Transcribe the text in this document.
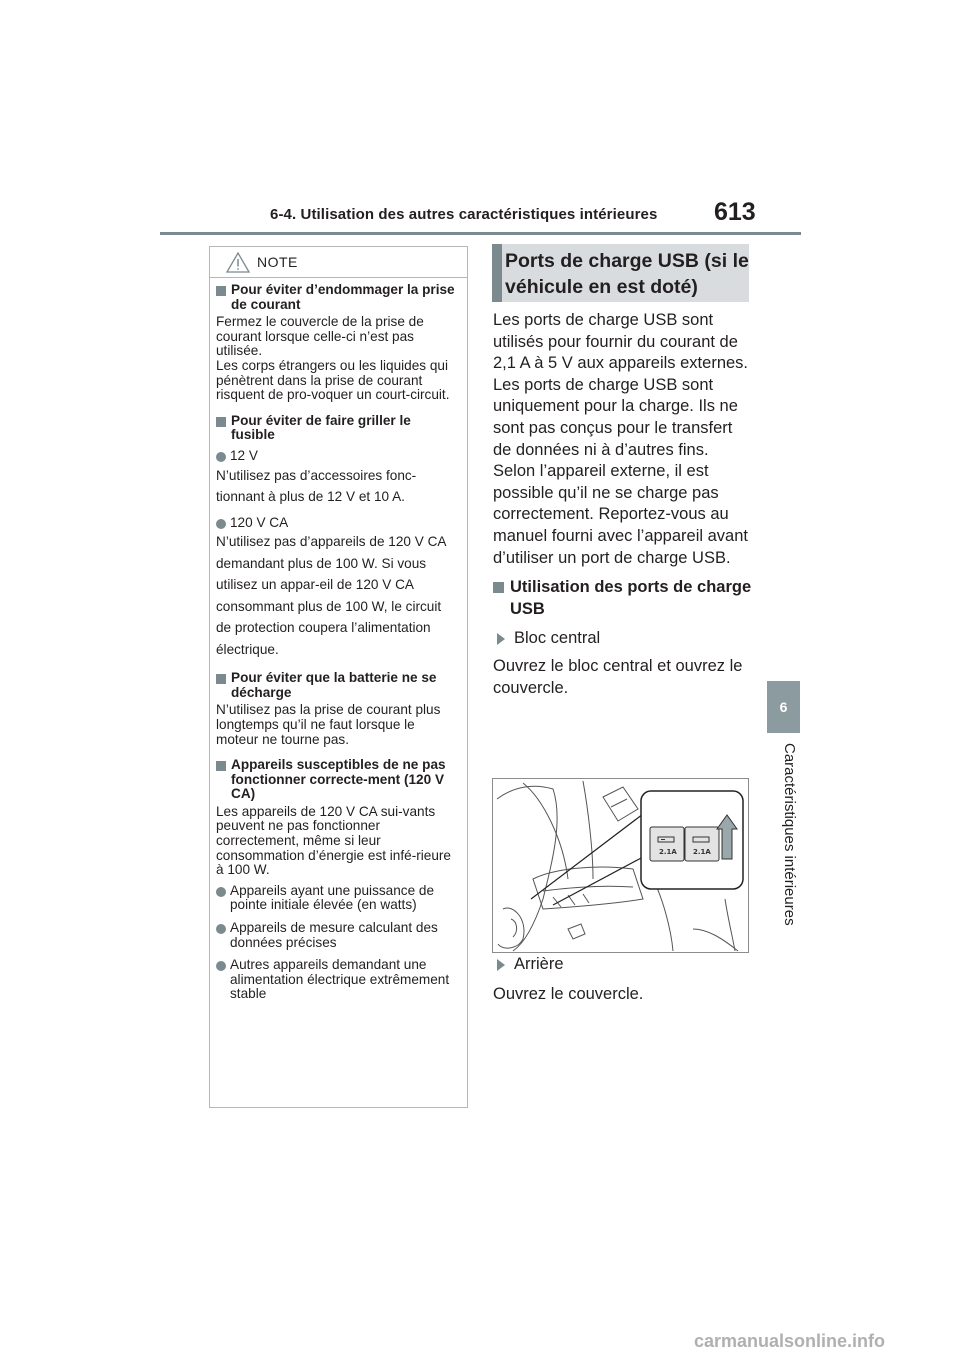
6-4. Utilisation des autres caractéristiques intérieures 613
6
Caractéristiques intérieures
NOTE

Pour éviter d’endommager la prise de courant

Fermez le couvercle de la prise de courant lorsque celle-ci n’est pas utilisée.

Les corps étrangers ou les liquides qui pénètrent dans la prise de courant risquent de pro-voquer un court-circuit.

Pour éviter de faire griller le fusible

12 V

N’utilisez pas d’accessoires fonc-tionnant à plus de 12 V et 10 A.

120 V CA

N’utilisez pas d’appareils de 120 V CA demandant plus de 100 W. Si vous utilisez un appar-eil de 120 V CA consommant plus de 100 W, le circuit de protection coupera l’alimentation électrique.

Pour éviter que la batterie ne se décharge

N’utilisez pas la prise de courant plus longtemps qu’il ne faut lorsque le moteur ne tourne pas.

Appareils susceptibles de ne pas fonctionner correcte-ment (120 V CA)

Les appareils de 120 V CA sui-vants peuvent ne pas fonctionner correctement, même si leur consommation d’énergie est infé-rieure à 100 W.

Appareils ayant une puissance de pointe initiale élevée (en watts)

Appareils de mesure calculant des données précises

Autres appareils demandant une alimentation électrique extrêmement stable

Ports de charge USB (si le
véhicule en est doté)

Les ports de charge USB sont utilisés pour fournir du courant de 2,1 A à 5 V aux appareils externes.

Les ports de charge USB sont uniquement pour la charge. Ils ne sont pas conçus pour le transfert de données ni à d’autres fins.

Selon l’appareil externe, il est possible qu’il ne se charge pas correctement. Reportez-vous au manuel fourni avec l’appareil avant d’utiliser un port de charge USB.

Utilisation des ports de charge USB

Bloc central

Ouvrez le bloc central et ouvrez le couvercle.

2.1A 2.1A
Arrière

Ouvrez le couvercle.

carmanualsonline.info
